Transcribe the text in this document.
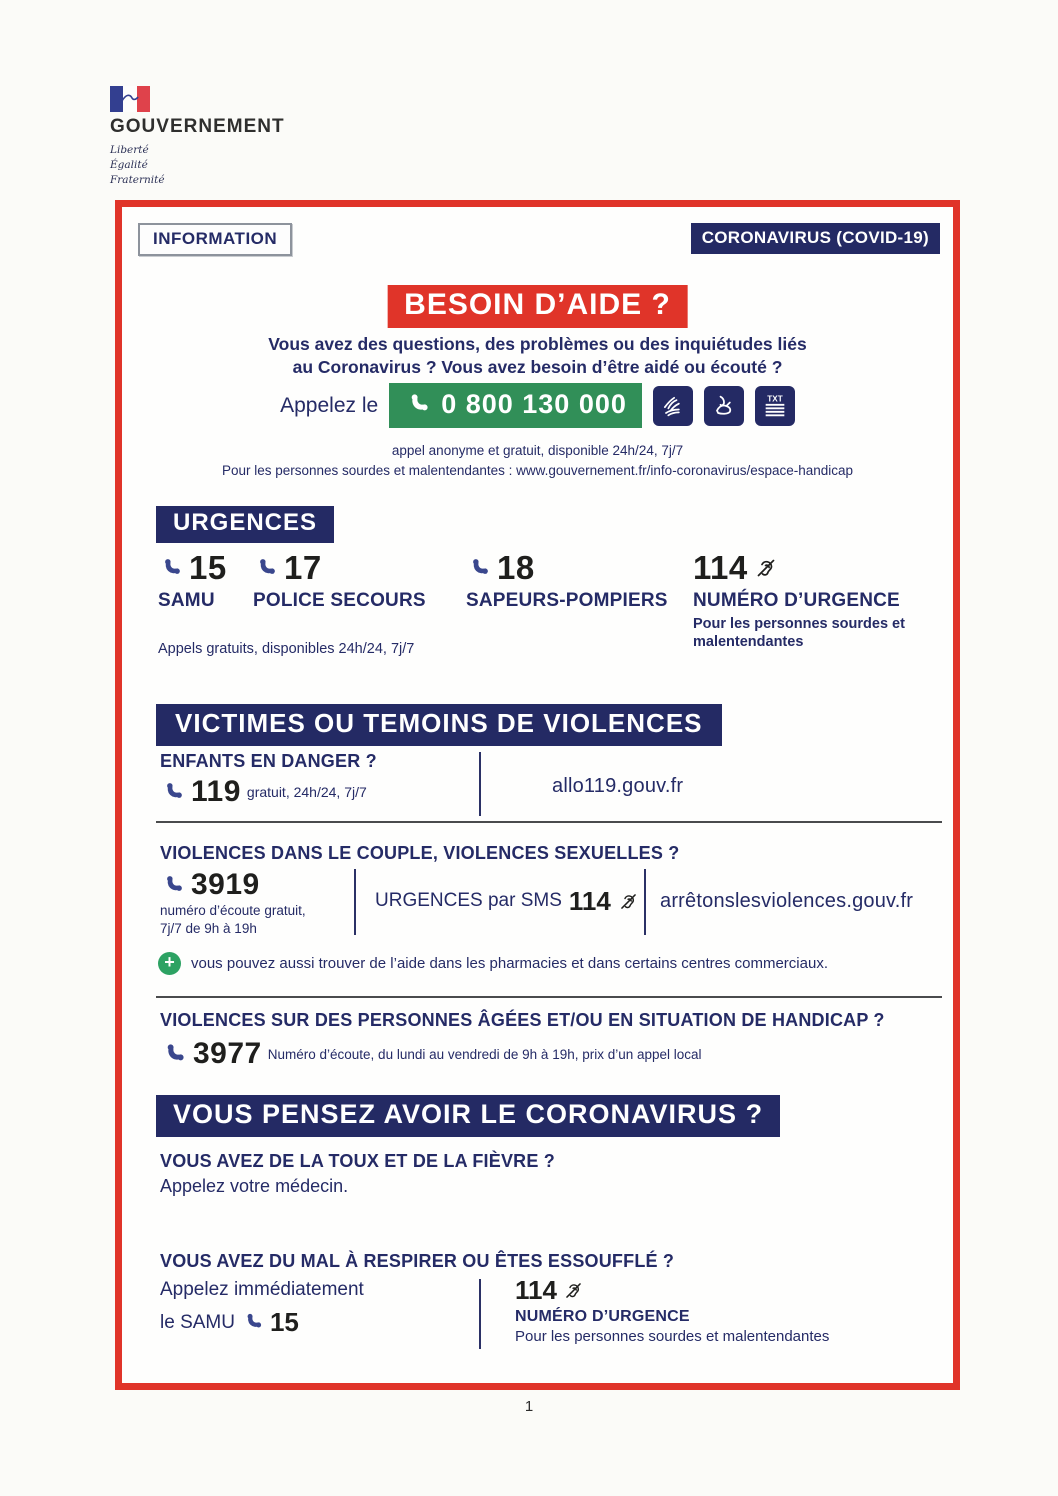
GOUVERNEMENT
Liberté
Égalité
Fraternité
INFORMATION	CORONAVIRUS (COVID-19)
BESOIN D’AIDE ?
Vous avez des questions, des problèmes ou des inquiétudes liés
au Coronavirus ? Vous avez besoin d’être aidé ou écouté ?
Appelez le 0 800 130 000	TXT
appel anonyme et gratuit, disponible 24h/24, 7j/7
Pour les personnes sourdes et malentendantes : www.gouvernement.fr/info-coronavirus/espace-handicap
URGENCES
15
SAMU
17
POLICE SECOURS
18
SAPEURS-POMPIERS
114
NUMÉRO D’URGENCE
Pour les personnes sourdes et malentendantes
Appels gratuits, disponibles 24h/24, 7j/7
VICTIMES OU TEMOINS DE VIOLENCES
ENFANTS EN DANGER ?
119 gratuit, 24h/24, 7j/7	allo119.gouv.fr
VIOLENCES DANS LE COUPLE, VIOLENCES SEXUELLES ?
3919
numéro d’écoute gratuit,
7j/7 de 9h à 19h
URGENCES par SMS 114 arrêtonslesviolences.gouv.fr
+	vous pouvez aussi trouver de l’aide dans les pharmacies et dans certains centres commerciaux.
VIOLENCES SUR DES PERSONNES ÂGÉES ET/OU EN SITUATION DE HANDICAP ?
3977 Numéro d’écoute, du lundi au vendredi de 9h à 19h, prix d’un appel local
VOUS PENSEZ AVOIR LE CORONAVIRUS ?
VOUS AVEZ DE LA TOUX ET DE LA FIÈVRE ?
Appelez votre médecin.
VOUS AVEZ DU MAL À RESPIRER OU ÊTES ESSOUFFLÉ ?
Appelez immédiatement
le SAMU 15
114
NUMÉRO D’URGENCE
Pour les personnes sourdes et malentendantes
1
